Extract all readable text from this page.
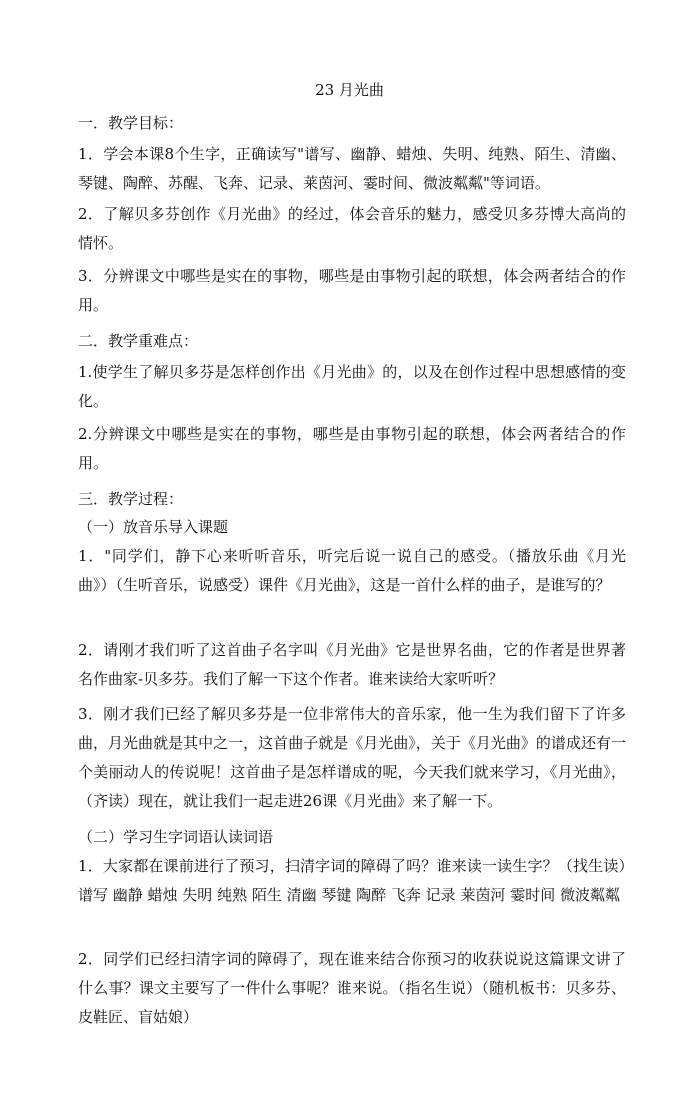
23 月光曲

一．教学目标：

1．学会本课8个生字，正确读写"谱写、幽静、蜡烛、失明、纯熟、陌生、清幽、琴键、陶醉、苏醒、飞奔、记录、莱茵河、霎时间、微波粼粼"等词语。

2．了解贝多芬创作《月光曲》的经过，体会音乐的魅力，感受贝多芬博大高尚的情怀。

3．分辨课文中哪些是实在的事物，哪些是由事物引起的联想，体会两者结合的作用。

二．教学重难点：

1.使学生了解贝多芬是怎样创作出《月光曲》的，以及在创作过程中思想感情的变化。

2.分辨课文中哪些是实在的事物，哪些是由事物引起的联想，体会两者结合的作用。

三．教学过程：

（一）放音乐导入课题

1．"同学们，静下心来听听音乐，听完后说一说自己的感受。（播放乐曲《月光曲》）（生听音乐，说感受）课件《月光曲》，这是一首什么样的曲子，是谁写的？

2．请刚才我们听了这首曲子名字叫《月光曲》它是世界名曲，它的作者是世界著名作曲家-贝多芬。我们了解一下这个作者。谁来读给大家听听？

3．刚才我们已经了解贝多芬是一位非常伟大的音乐家，他一生为我们留下了许多曲，月光曲就是其中之一，这首曲子就是《月光曲》，关于《月光曲》的谱成还有一个美丽动人的传说呢！这首曲子是怎样谱成的呢，今天我们就来学习，《月光曲》，（齐读）现在，就让我们一起走进26课《月光曲》来了解一下。

（二）学习生字词语认读词语

1．大家都在课前进行了预习，扫清字词的障碍了吗？谁来读一读生字？（找生读）谱写 幽静 蜡烛 失明 纯熟 陌生 清幽 琴键 陶醉 飞奔 记录 莱茵河 霎时间 微波粼粼

2．同学们已经扫清字词的障碍了，现在谁来结合你预习的收获说说这篇课文讲了什么事？课文主要写了一件什么事呢？谁来说。（指名生说）（随机板书：贝多芬、皮鞋匠、盲姑娘）
